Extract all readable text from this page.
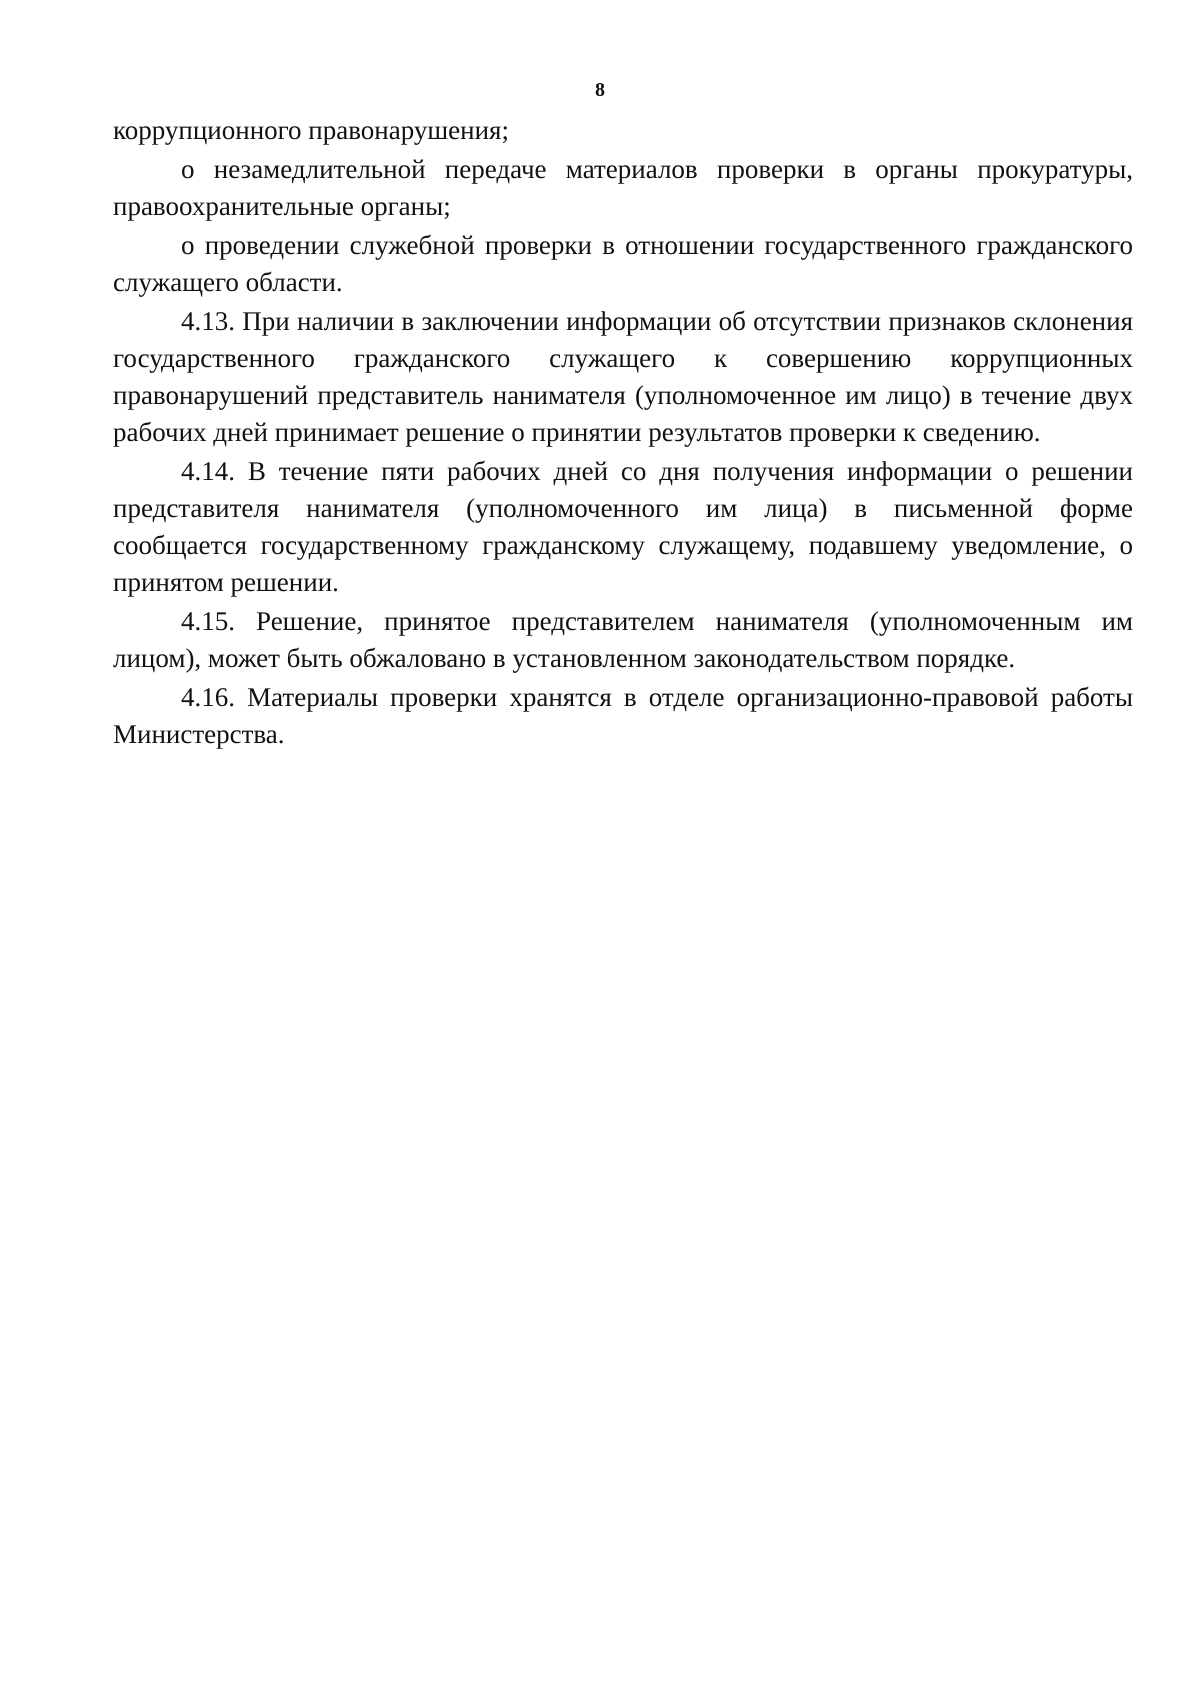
8

коррупционного правонарушения;

о незамедлительной передаче материалов проверки в органы прокуратуры, правоохранительные органы;

о проведении служебной проверки в отношении государственного гражданского служащего области.

4.13. При наличии в заключении информации об отсутствии признаков склонения государственного гражданского служащего к совершению коррупционных правонарушений представитель нанимателя (уполномоченное им лицо) в течение двух рабочих дней принимает решение о принятии результатов проверки к сведению.

4.14. В течение пяти рабочих дней со дня получения информации о решении представителя нанимателя (уполномоченного им лица) в письменной форме сообщается государственному гражданскому служащему, подавшему уведомление, о принятом решении.

4.15. Решение, принятое представителем нанимателя (уполномоченным им лицом), может быть обжаловано в установленном законодательством порядке.

4.16. Материалы проверки хранятся в отделе организационно-правовой работы Министерства.
